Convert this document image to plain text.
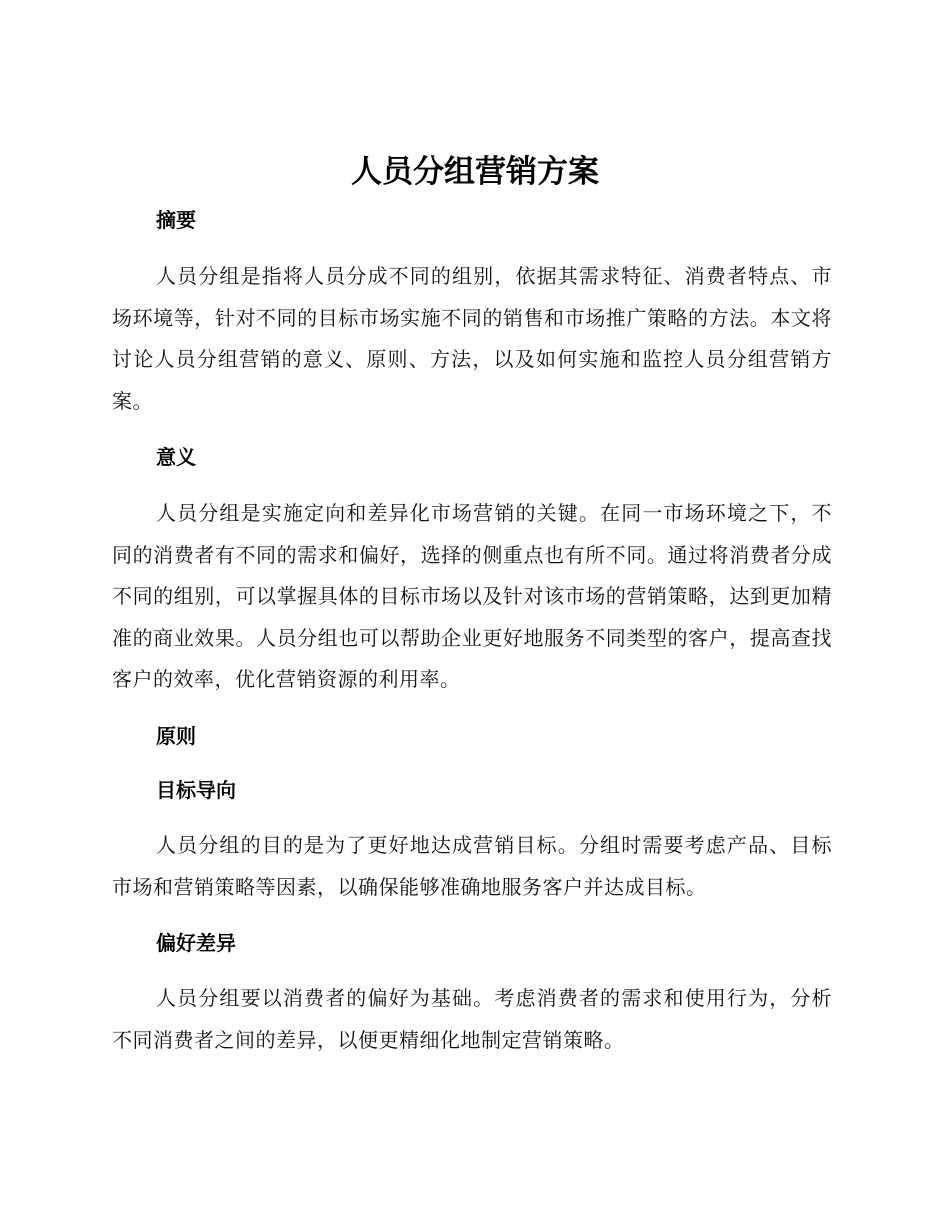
人员分组营销方案
摘要

人员分组是指将人员分成不同的组别，依据其需求特征、消费者特点、市场环境等，针对不同的目标市场实施不同的销售和市场推广策略的方法。本文将讨论人员分组营销的意义、原则、方法，以及如何实施和监控人员分组营销方案。

意义

人员分组是实施定向和差异化市场营销的关键。在同一市场环境之下，不同的消费者有不同的需求和偏好，选择的侧重点也有所不同。通过将消费者分成不同的组别，可以掌握具体的目标市场以及针对该市场的营销策略，达到更加精准的商业效果。人员分组也可以帮助企业更好地服务不同类型的客户，提高查找客户的效率，优化营销资源的利用率。

原则
目标导向

人员分组的目的是为了更好地达成营销目标。分组时需要考虑产品、目标市场和营销策略等因素，以确保能够准确地服务客户并达成目标。

偏好差异

人员分组要以消费者的偏好为基础。考虑消费者的需求和使用行为，分析不同消费者之间的差异，以便更精细化地制定营销策略。
